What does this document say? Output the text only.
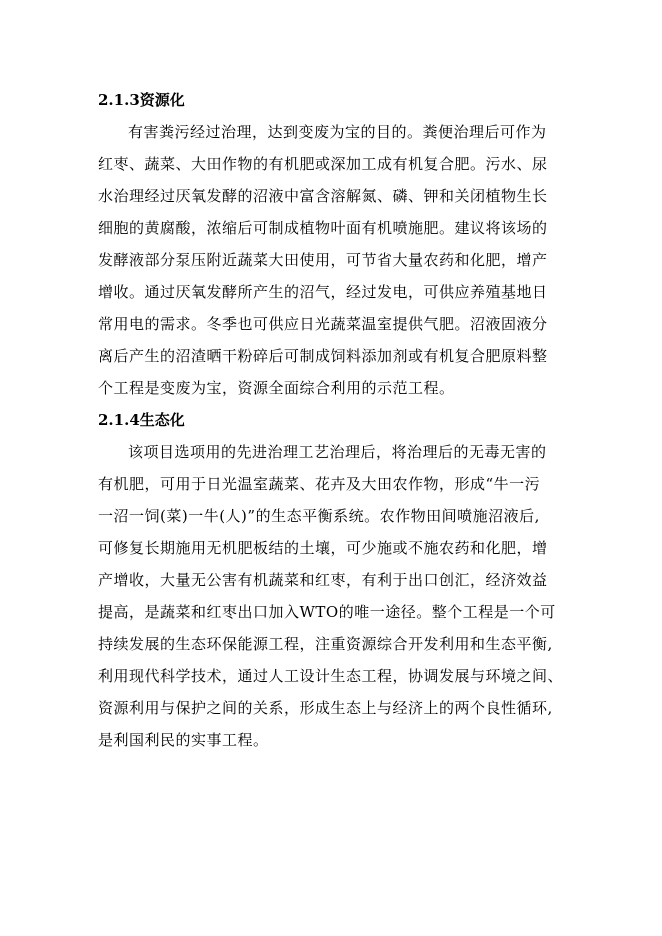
2.1.3资源化
有害粪污经过治理，达到变废为宝的目的。粪便治理后可作为
红枣、蔬菜、大田作物的有机肥或深加工成有机复合肥。污水、尿
水治理经过厌氧发酵的沼液中富含溶解氮、磷、钾和关闭植物生长
细胞的黄腐酸，浓缩后可制成植物叶面有机喷施肥。建议将该场的
发酵液部分泵压附近蔬菜大田使用，可节省大量农药和化肥，增产
增收。通过厌氧发酵所产生的沼气，经过发电，可供应养殖基地日
常用电的需求。冬季也可供应日光蔬菜温室提供气肥。沼液固液分
离后产生的沼渣晒干粉碎后可制成饲料添加剂或有机复合肥原料整
个工程是变废为宝，资源全面综合利用的示范工程。
2.1.4生态化
该项目选项用的先进治理工艺治理后，将治理后的无毒无害的
有机肥，可用于日光温室蔬菜、花卉及大田农作物，形成“牛一污
一沼一饲(菜)一牛(人)”的生态平衡系统。农作物田间喷施沼液后,
可修复长期施用无机肥板结的土壤，可少施或不施农药和化肥，增
产增收，大量无公害有机蔬菜和红枣，有利于出口创汇，经济效益
提高，是蔬菜和红枣出口加入WTO的唯一途径。整个工程是一个可
持续发展的生态环保能源工程，注重资源综合开发利用和生态平衡,
利用现代科学技术，通过人工设计生态工程，协调发展与环境之间、
资源利用与保护之间的关系，形成生态上与经济上的两个良性循环,
是利国利民的实事工程。
